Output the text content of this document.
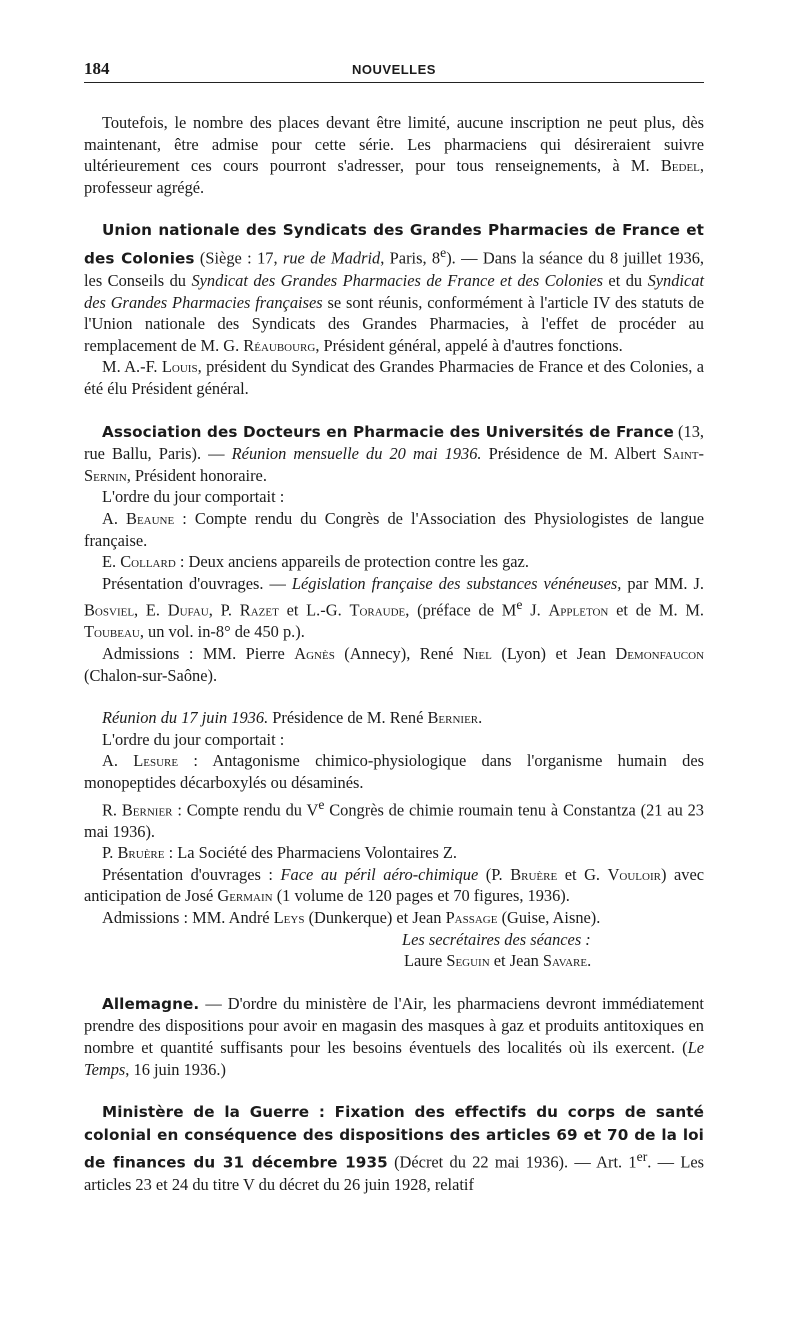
184	NOUVELLES

Toutefois, le nombre des places devant être limité, aucune inscription ne peut plus, dès maintenant, être admise pour cette série. Les pharmaciens qui désireraient suivre ultérieurement ces cours pourront s'adresser, pour tous renseignements, à M. Bedel, professeur agrégé.

Union nationale des Syndicats des Grandes Pharmacies de France et des Colonies (Siège : 17, rue de Madrid, Paris, 8e). — Dans la séance du 8 juillet 1936, les Conseils du Syndicat des Grandes Pharmacies de France et des Colonies et du Syndicat des Grandes Pharmacies françaises se sont réunis, conformément à l'article IV des statuts de l'Union nationale des Syndicats des Grandes Pharmacies, à l'effet de procéder au remplacement de M. G. Réaubourg, Président général, appelé à d'autres fonctions.

M. A.-F. Louis, président du Syndicat des Grandes Pharmacies de France et des Colonies, a été élu Président général.

Association des Docteurs en Pharmacie des Universités de France (13, rue Ballu, Paris). — Réunion mensuelle du 20 mai 1936. Présidence de M. Albert Saint-Sernin, Président honoraire.

L'ordre du jour comportait :

A. Beaune : Compte rendu du Congrès de l'Association des Physiologistes de langue française.

E. Collard : Deux anciens appareils de protection contre les gaz.

Présentation d'ouvrages. — Législation française des substances vénéneuses, par MM. J. Bosviel, E. Dufau, P. Razet et L.-G. Toraude, (préface de Me J. Appleton et de M. M. Toubeau, un vol. in-8° de 450 p.).

Admissions : MM. Pierre Agnès (Annecy), René Niel (Lyon) et Jean Demonfaucon (Chalon-sur-Saône).

Réunion du 17 juin 1936. Présidence de M. René Bernier.

L'ordre du jour comportait :

A. Lesure : Antagonisme chimico-physiologique dans l'organisme humain des monopeptides décarboxylés ou désaminés.

R. Bernier : Compte rendu du Ve Congrès de chimie roumain tenu à Constantza (21 au 23 mai 1936).

P. Bruère : La Société des Pharmaciens Volontaires Z.

Présentation d'ouvrages : Face au péril aéro-chimique (P. Bruère et G. Vouloir) avec anticipation de José Germain (1 volume de 120 pages et 70 figures, 1936).

Admissions : MM. André Leys (Dunkerque) et Jean Passage (Guise, Aisne).

Les secrétaires des séances :

Laure Seguin et Jean Savare.

Allemagne. — D'ordre du ministère de l'Air, les pharmaciens devront immédiatement prendre des dispositions pour avoir en magasin des masques à gaz et produits antitoxiques en nombre et quantité suffisants pour les besoins éventuels des localités où ils exercent. (Le Temps, 16 juin 1936.)

Ministère de la Guerre : Fixation des effectifs du corps de santé colonial en conséquence des dispositions des articles 69 et 70 de la loi de finances du 31 décembre 1935 (Décret du 22 mai 1936). — Art. 1er. — Les articles 23 et 24 du titre V du décret du 26 juin 1928, relatif
